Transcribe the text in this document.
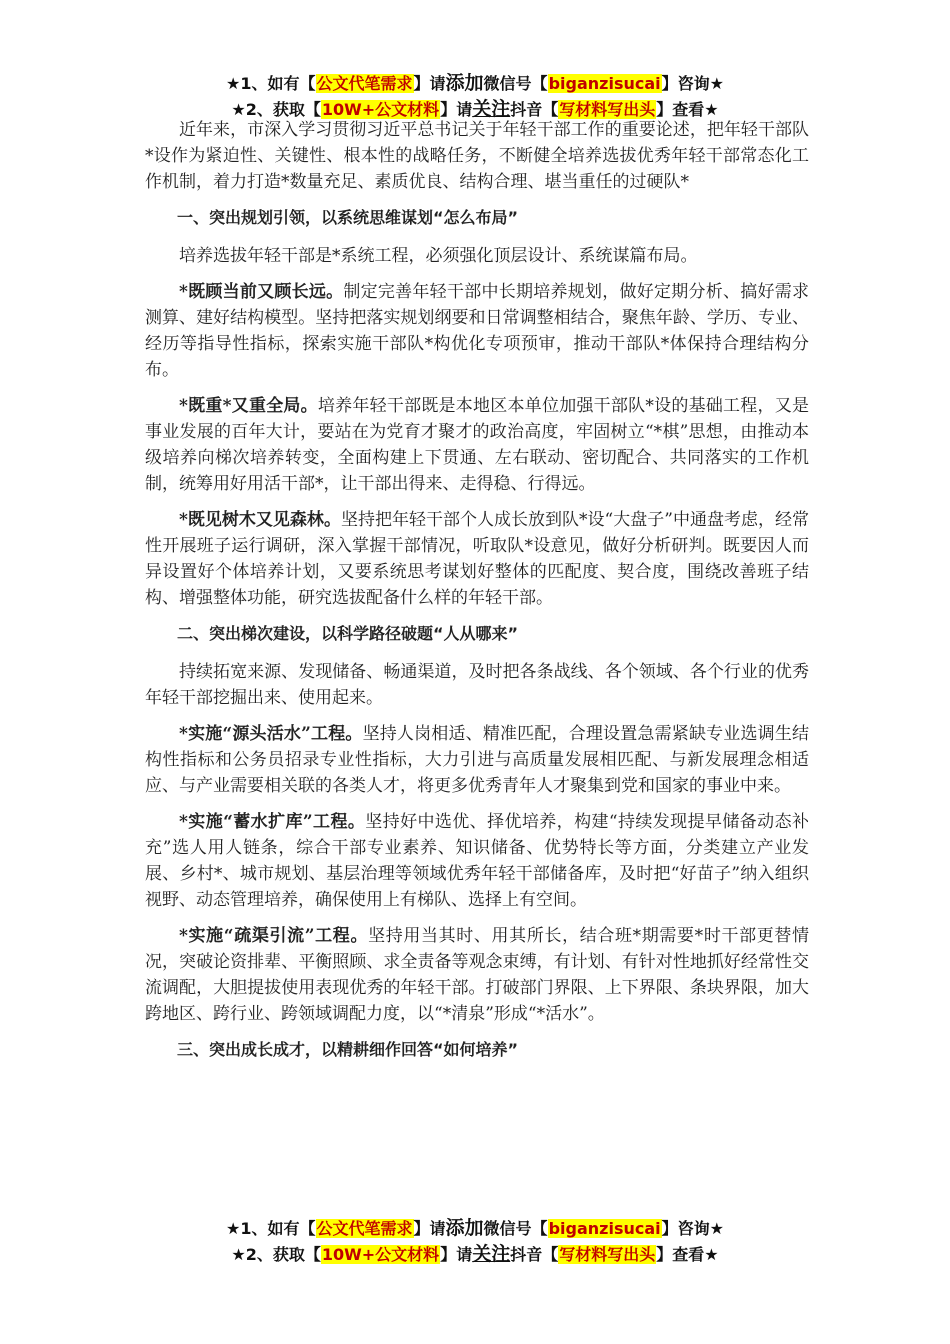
★1、如有【公文代笔需求】请添加微信号【biganzisucai】咨询★
★2、获取【10W+公文材料】请关注抖音【写材料写出头】查看★

近年来，市深入学习贯彻习近平总书记关于年轻干部工作的重要论述，把年轻干部队*设作为紧迫性、关键性、根本性的战略任务，不断健全培养选拔优秀年轻干部常态化工作机制，着力打造*数量充足、素质优良、结构合理、堪当重任的过硬队*

一、突出规划引领，以系统思维谋划“怎么布局”

培养选拔年轻干部是*系统工程，必须强化顶层设计、系统谋篇布局。

*既顾当前又顾长远。制定完善年轻干部中长期培养规划，做好定期分析、搞好需求测算、建好结构模型。坚持把落实规划纲要和日常调整相结合，聚焦年龄、学历、专业、经历等指导性指标，探索实施干部队*构优化专项预审，推动干部队*体保持合理结构分布。

*既重*又重全局。培养年轻干部既是本地区本单位加强干部队*设的基础工程，又是事业发展的百年大计，要站在为党育才聚才的政治高度，牢固树立“*棋”思想，由推动本级培养向梯次培养转变，全面构建上下贯通、左右联动、密切配合、共同落实的工作机制，统筹用好用活干部*，让干部出得来、走得稳、行得远。

*既见树木又见森林。坚持把年轻干部个人成长放到队*设“大盘子”中通盘考虑，经常性开展班子运行调研，深入掌握干部情况，听取队*设意见，做好分析研判。既要因人而异设置好个体培养计划，又要系统思考谋划好整体的匹配度、契合度，围绕改善班子结构、增强整体功能，研究选拔配备什么样的年轻干部。

二、突出梯次建设，以科学路径破题“人从哪来”

持续拓宽来源、发现储备、畅通渠道，及时把各条战线、各个领域、各个行业的优秀年轻干部挖掘出来、使用起来。

*实施“源头活水”工程。坚持人岗相适、精准匹配，合理设置急需紧缺专业选调生结构性指标和公务员招录专业性指标，大力引进与高质量发展相匹配、与新发展理念相适应、与产业需要相关联的各类人才，将更多优秀青年人才聚集到党和国家的事业中来。

*实施“蓄水扩库”工程。坚持好中选优、择优培养，构建“持续发现提早储备动态补充”选人用人链条，综合干部专业素养、知识储备、优势特长等方面，分类建立产业发展、乡村*、城市规划、基层治理等领域优秀年轻干部储备库，及时把“好苗子”纳入组织视野、动态管理培养，确保使用上有梯队、选择上有空间。

*实施“疏渠引流”工程。坚持用当其时、用其所长，结合班*期需要*时干部更替情况，突破论资排辈、平衡照顾、求全责备等观念束缚，有计划、有针对性地抓好经常性交流调配，大胆提拔使用表现优秀的年轻干部。打破部门界限、上下界限、条块界限，加大跨地区、跨行业、跨领域调配力度，以“*清泉”形成“*活水”。

三、突出成长成才，以精耕细作回答“如何培养”

★1、如有【公文代笔需求】请添加微信号【biganzisucai】咨询★
★2、获取【10W+公文材料】请关注抖音【写材料写出头】查看★
